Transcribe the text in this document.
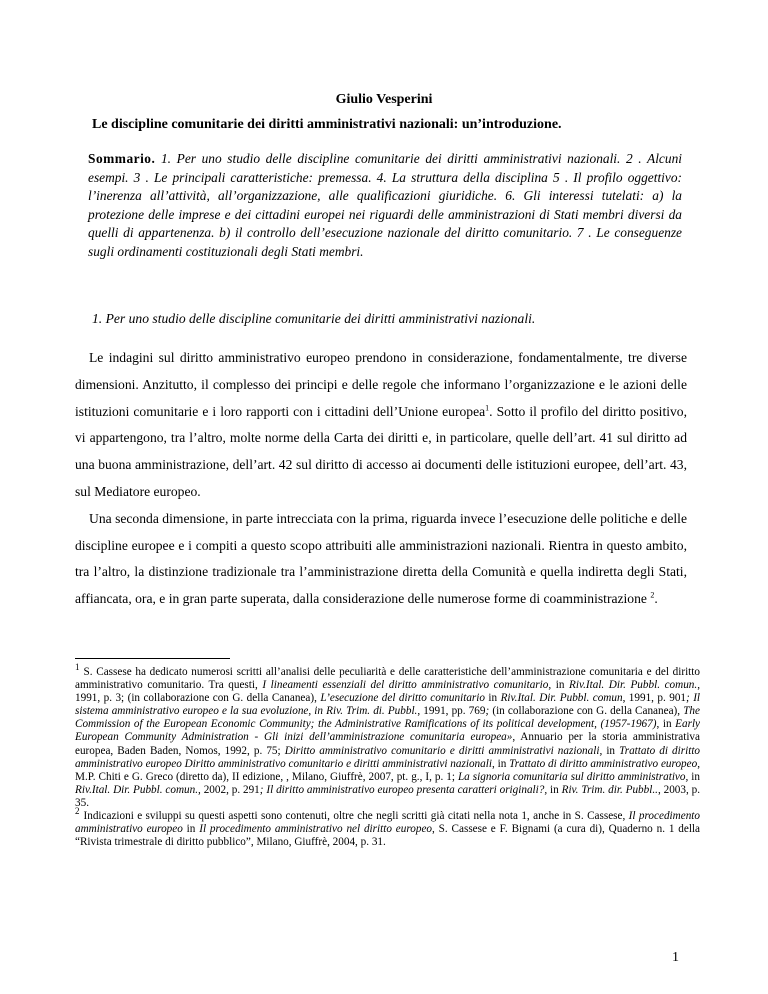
Giulio Vesperini
Le discipline comunitarie dei diritti amministrativi nazionali: un’introduzione.
Sommario. 1. Per uno studio delle discipline comunitarie dei diritti amministrativi nazionali. 2 . Alcuni esempi. 3 . Le principali caratteristiche: premessa. 4. La struttura della disciplina 5 . Il profilo oggettivo: l’inerenza all’attività, all’organizzazione, alle qualificazioni giuridiche. 6. Gli interessi tutelati: a) la protezione delle imprese e dei cittadini europei nei riguardi delle amministrazioni di Stati membri diversi da quelli di appartenenza. b) il controllo dell’esecuzione nazionale del diritto comunitario. 7 . Le conseguenze sugli ordinamenti costituzionali degli Stati membri.
1. Per uno studio delle discipline comunitarie dei diritti amministrativi nazionali.

Le indagini sul diritto amministrativo europeo prendono in considerazione, fondamentalmente, tre diverse dimensioni. Anzitutto, il complesso dei principi e delle regole che informano l’organizzazione e le azioni delle istituzioni comunitarie e i loro rapporti con i cittadini dell’Unione europea$^1$. Sotto il profilo del diritto positivo, vi appartengono, tra l’altro, molte norme della Carta dei diritti e, in particolare, quelle dell’art. 41 sul diritto ad una buona amministrazione, dell’art. 42 sul diritto di accesso ai documenti delle istituzioni europee, dell’art. 43, sul Mediatore europeo.

Una seconda dimensione, in parte intrecciata con la prima, riguarda invece l’esecuzione delle politiche e delle discipline europee e i compiti a questo scopo attribuiti alle amministrazioni nazionali. Rientra in questo ambito, tra l’altro, la distinzione tradizionale tra l’amministrazione diretta della Comunità e quella indiretta degli Stati, affiancata, ora, e in gran parte superata, dalla considerazione delle numerose forme di coamministrazione $^2$.

$^1$ S. Cassese ha dedicato numerosi scritti all’analisi delle peculiarità e delle caratteristiche dell’amministrazione comunitaria e del diritto amministrativo comunitario. Tra questi, I lineamenti essenziali del diritto amministrativo comunitario, in Riv.Ital. Dir. Pubbl. comun., 1991, p. 3; (in collaborazione con G. della Cananea), L’esecuzione del diritto comunitario in Riv.Ital. Dir. Pubbl. comun, 1991, p. 901; Il sistema amministrativo europeo e la sua evoluzione, in Riv. Trim. di. Pubbl., 1991, pp. 769; (in collaborazione con G. della Cananea), The Commission of the European Economic Community; the Administrative Ramifications of its political development, (1957-1967), in Early European Community Administration - Gli inizi dell’amministrazione comunitaria europea», Annuario per la storia amministrativa europea, Baden Baden, Nomos, 1992, p. 75; Diritto amministrativo comunitario e diritti amministrativi nazionali, in Trattato di diritto amministrativo europeo Diritto amministrativo comunitario e diritti amministrativi nazionali, in Trattato di diritto amministrativo europeo, M.P. Chiti e G. Greco (diretto da), II edizione, , Milano, Giuffrè, 2007, pt. g., I, p. 1; La signoria comunitaria sul diritto amministrativo, in Riv.Ital. Dir. Pubbl. comun., 2002, p. 291; Il diritto amministrativo europeo presenta caratteri originali?, in Riv. Trim. dir. Pubbl.., 2003, p. 35.

$^2$ Indicazioni e sviluppi su questi aspetti sono contenuti, oltre che negli scritti già citati nella nota 1, anche in S. Cassese, Il procedimento amministrativo europeo in Il procedimento amministrativo nel diritto europeo, S. Cassese e F. Bignami (a cura di), Quaderno n. 1 della “Rivista trimestrale di diritto pubblico”, Milano, Giuffrè, 2004, p. 31.

1
